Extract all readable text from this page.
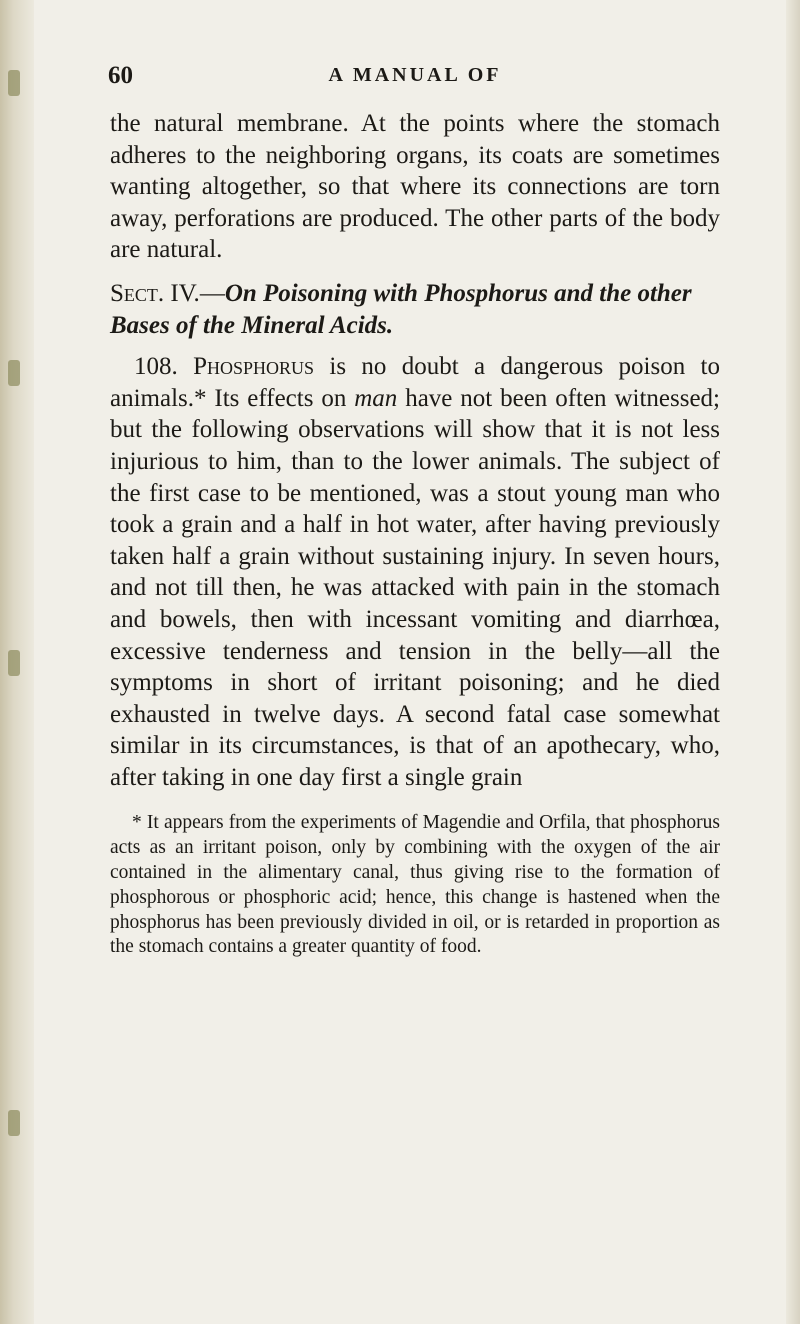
60	A MANUAL OF

the natural membrane. At the points where the stomach adheres to the neighboring organs, its coats are sometimes wanting altogether, so that where its connections are torn away, perforations are produced. The other parts of the body are natural.

Sect. IV.—On Poisoning with Phosphorus and the other Bases of the Mineral Acids.

108. Phosphorus is no doubt a dangerous poison to animals.* Its effects on man have not been often witnessed; but the following observations will show that it is not less injurious to him, than to the lower animals. The subject of the first case to be mentioned, was a stout young man who took a grain and a half in hot water, after having previously taken half a grain without sustaining injury. In seven hours, and not till then, he was attacked with pain in the stomach and bowels, then with incessant vomiting and diarrhœa, excessive tenderness and tension in the belly—all the symptoms in short of irritant poisoning; and he died exhausted in twelve days. A second fatal case somewhat similar in its circumstances, is that of an apothecary, who, after taking in one day first a single grain

* It appears from the experiments of Magendie and Orfila, that phosphorus acts as an irritant poison, only by combining with the oxygen of the air contained in the alimentary canal, thus giving rise to the formation of phosphorous or phosphoric acid; hence, this change is hastened when the phosphorus has been previously divided in oil, or is retarded in proportion as the stomach contains a greater quantity of food.
